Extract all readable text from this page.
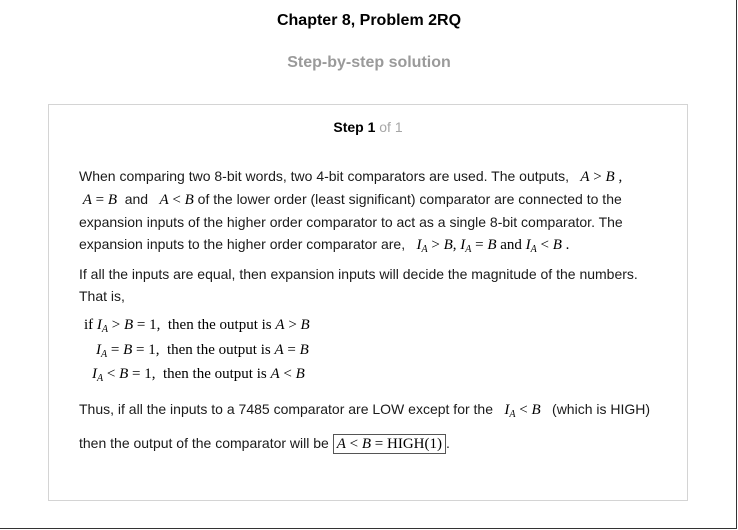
Chapter 8, Problem 2RQ
Step-by-step solution
Step 1 of 1
When comparing two 8-bit words, two 4-bit comparators are used. The outputs, A > B ,
A = B and A < B of the lower order (least significant) comparator are connected to the expansion inputs of the higher order comparator to act as a single 8-bit comparator. The expansion inputs to the higher order comparator are, $I_A > B$, $I_A = B$ and $I_A < B$ .
If all the inputs are equal, then expansion inputs will decide the magnitude of the numbers. That is,
if $I_A > B = 1$,  then the output is A > B
$I_A = B = 1$,  then the output is A = B
$I_A < B = 1$,  then the output is A < B
Thus, if all the inputs to a 7485 comparator are LOW except for the $I_A < B$ (which is HIGH)
then the output of the comparator will be A < B = HIGH(1) .
